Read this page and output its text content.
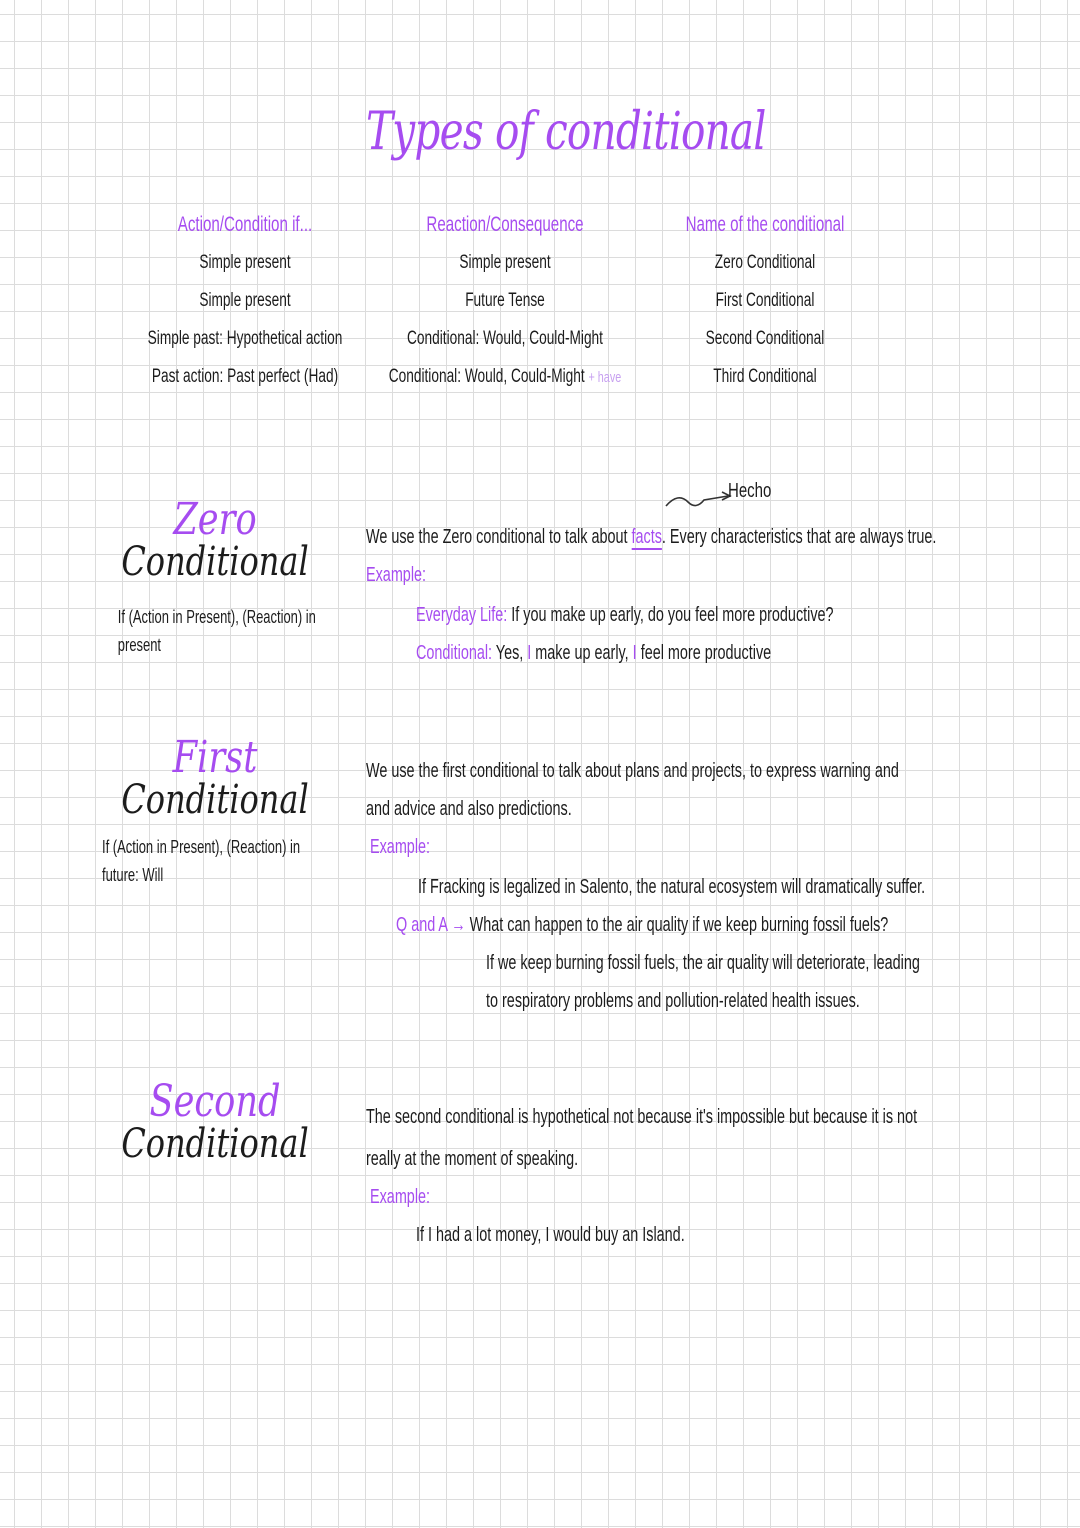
Types of conditional
Action/Condition if...
Simple present
Simple present
Simple past: Hypothetical action
Past action: Past perfect (Had)
Reaction/Consequence
Simple present
Future Tense
Conditional: Would, Could-Might
Conditional: Would, Could-Might + have
Name of the conditional
Zero Conditional
First Conditional
Second Conditional
Third Conditional
Zero
Conditional
If (Action in Present), (Reaction) in
present
Hecho
We use the Zero conditional to talk about facts. Every characteristics that are always true.
Example:
Everyday Life: If you make up early, do you feel more productive?
Conditional: Yes, I make up early, I feel more productive
First
Conditional
If (Action in Present), (Reaction) in
future: Will
We use the first conditional to talk about plans and projects, to express warning and
and advice and also predictions.
Example:
If Fracking is legalized in Salento, the natural ecosystem will dramatically suffer.
Q and A → What can happen to the air quality if we keep burning fossil fuels?
If we keep burning fossil fuels, the air quality will deteriorate, leading
to respiratory problems and pollution-related health issues.
Second
Conditional
The second conditional is hypothetical not because it's impossible but because it is not
really at the moment of speaking.
Example:
If I had a lot money, I would buy an Island.
